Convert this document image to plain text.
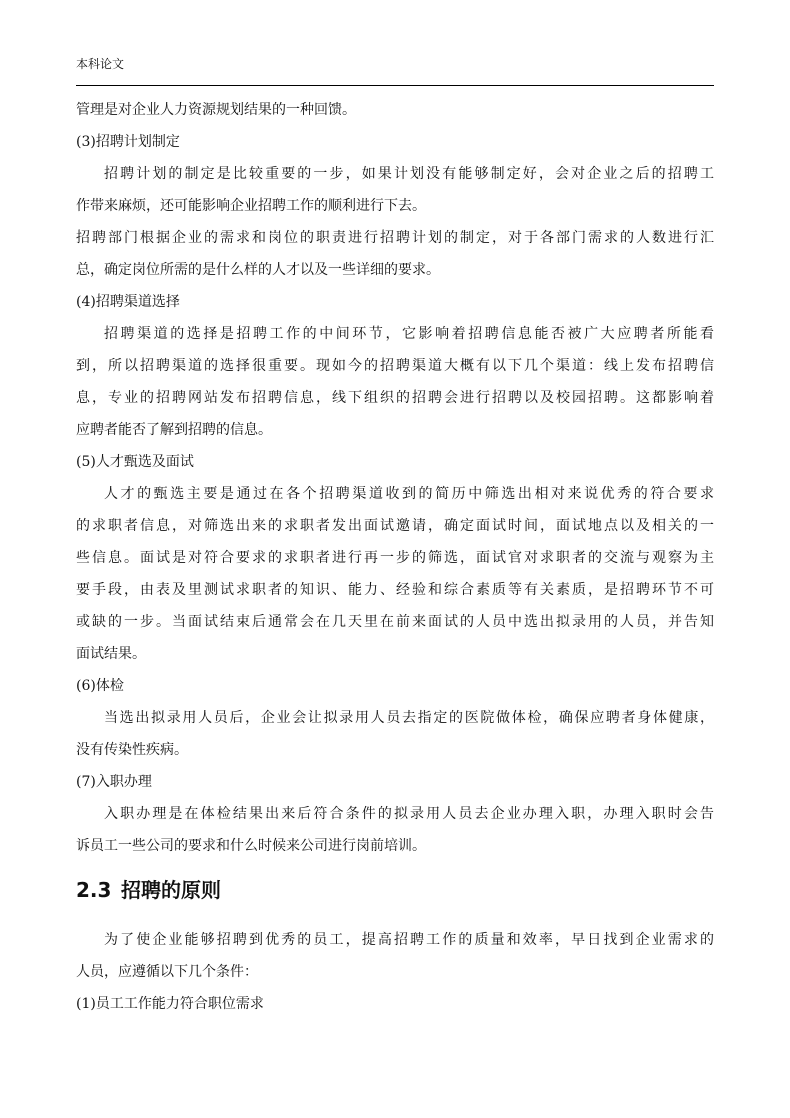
本科论文
管理是对企业人力资源规划结果的一种回馈。
(3)招聘计划制定
招聘计划的制定是比较重要的一步，如果计划没有能够制定好，会对企业之后的招聘工
作带来麻烦，还可能影响企业招聘工作的顺利进行下去。
招聘部门根据企业的需求和岗位的职责进行招聘计划的制定，对于各部门需求的人数进行汇
总，确定岗位所需的是什么样的人才以及一些详细的要求。
(4)招聘渠道选择
招聘渠道的选择是招聘工作的中间环节，它影响着招聘信息能否被广大应聘者所能看
到，所以招聘渠道的选择很重要。现如今的招聘渠道大概有以下几个渠道：线上发布招聘信
息，专业的招聘网站发布招聘信息，线下组织的招聘会进行招聘以及校园招聘。这都影响着
应聘者能否了解到招聘的信息。
(5)人才甄选及面试
人才的甄选主要是通过在各个招聘渠道收到的简历中筛选出相对来说优秀的符合要求
的求职者信息，对筛选出来的求职者发出面试邀请，确定面试时间，面试地点以及相关的一
些信息。面试是对符合要求的求职者进行再一步的筛选，面试官对求职者的交流与观察为主
要手段，由表及里测试求职者的知识、能力、经验和综合素质等有关素质，是招聘环节不可
或缺的一步。当面试结束后通常会在几天里在前来面试的人员中选出拟录用的人员，并告知
面试结果。
(6)体检
当选出拟录用人员后，企业会让拟录用人员去指定的医院做体检，确保应聘者身体健康，
没有传染性疾病。
(7)入职办理
入职办理是在体检结果出来后符合条件的拟录用人员去企业办理入职，办理入职时会告
诉员工一些公司的要求和什么时候来公司进行岗前培训。
2.3 招聘的原则
为了使企业能够招聘到优秀的员工，提高招聘工作的质量和效率，早日找到企业需求的
人员，应遵循以下几个条件：
(1)员工工作能力符合职位需求
